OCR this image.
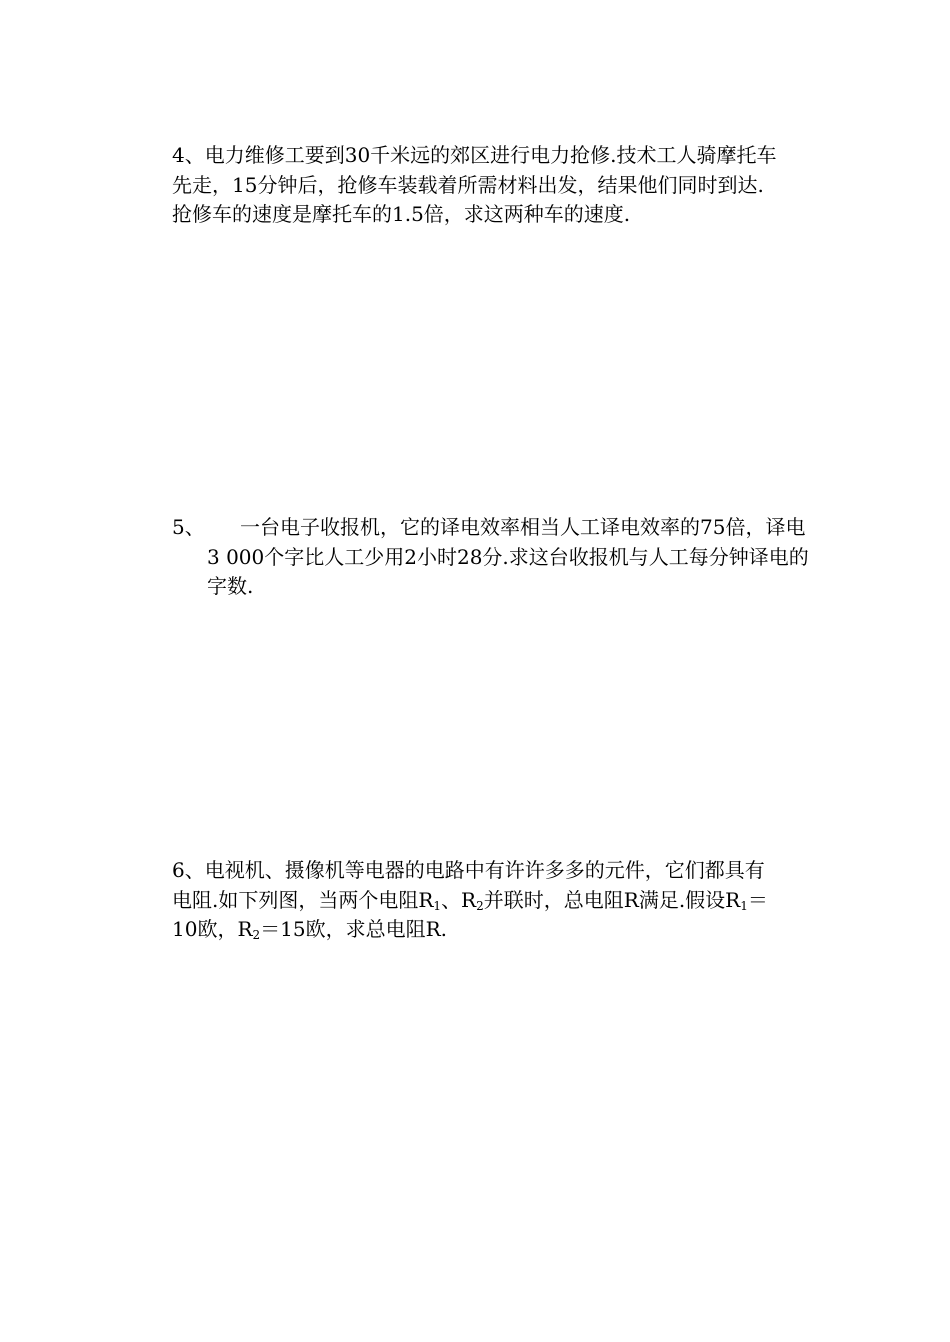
4、电力维修工要到30千米远的郊区进行电力抢修.技术工人骑摩托车先走，15分钟后，抢修车装载着所需材料出发，结果他们同时到达.抢修车的速度是摩托车的1.5倍，求这两种车的速度.

5、 一台电子收报机，它的译电效率相当人工译电效率的75倍，译电3 000个字比人工少用2小时28分.求这台收报机与人工每分钟译电的字数.

6、电视机、摄像机等电器的电路中有许许多多的元件，它们都具有电阻.如下列图，当两个电阻$R_1$、$R_2$并联时，总电阻R满足.假设$R_1=10$欧，$R_2=15$欧，求总电阻R.
